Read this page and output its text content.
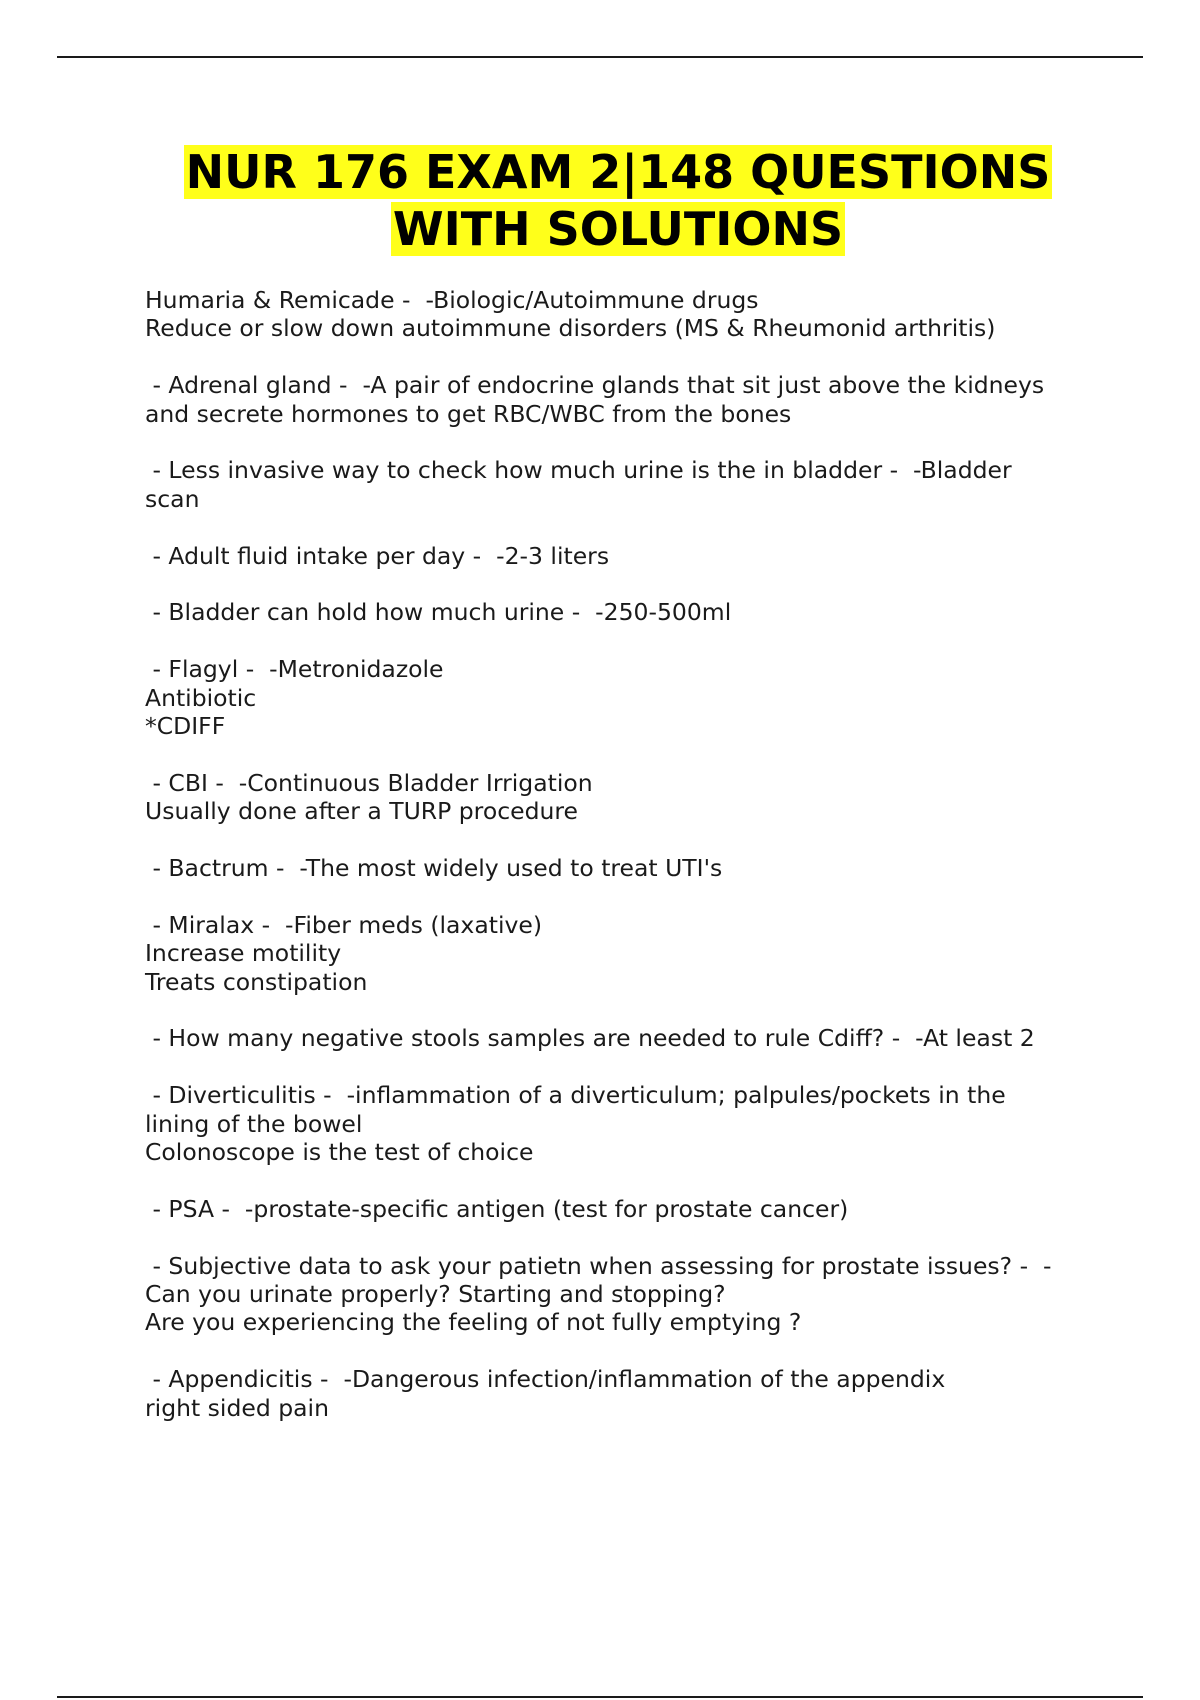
NUR 176 EXAM 2|148 QUESTIONS
WITH SOLUTIONS
Humaria & Remicade -  -Biologic/Autoimmune drugs
Reduce or slow down autoimmune disorders (MS & Rheumonid arthritis)
- Adrenal gland -  -A pair of endocrine glands that sit just above the kidneys
and secrete hormones to get RBC/WBC from the bones
- Less invasive way to check how much urine is the in bladder -  -Bladder
scan
- Adult fluid intake per day -  -2-3 liters
- Bladder can hold how much urine -  -250-500ml
- Flagyl -  -Metronidazole
Antibiotic
*CDIFF
- CBI -  -Continuous Bladder Irrigation
Usually done after a TURP procedure
- Bactrum -  -The most widely used to treat UTI's
- Miralax -  -Fiber meds (laxative)
Increase motility
Treats constipation
- How many negative stools samples are needed to rule Cdiff? -  -At least 2
- Diverticulitis -  -inflammation of a diverticulum; palpules/pockets in the
lining of the bowel
Colonoscope is the test of choice
- PSA -  -prostate-specific antigen (test for prostate cancer)
- Subjective data to ask your patietn when assessing for prostate issues? -  -
Can you urinate properly? Starting and stopping?
Are you experiencing the feeling of not fully emptying ?
- Appendicitis -  -Dangerous infection/inflammation of the appendix
right sided pain
